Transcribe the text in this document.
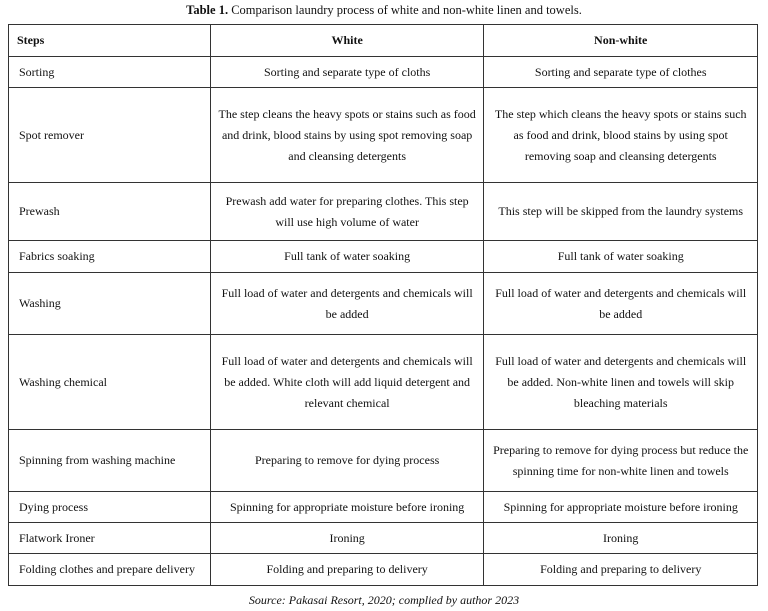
Table 1. Comparison laundry process of white and non-white linen and towels.
Steps	White	Non-white
Sorting	Sorting and separate type of cloths	Sorting and separate type of clothes
Spot remover	The step cleans the heavy spots or stains such as food and drink, blood stains by using spot removing soap and cleansing detergents	The step which cleans the heavy spots or stains such as food and drink, blood stains by using spot removing soap and cleansing detergents
Prewash	Prewash add water for preparing clothes. This step will use high volume of water	This step will be skipped from the laundry systems
Fabrics soaking	Full tank of water soaking	Full tank of water soaking
Washing	Full load of water and detergents and chemicals will be added	Full load of water and detergents and chemicals will be added
Washing chemical	Full load of water and detergents and chemicals will be added. White cloth will add liquid detergent and relevant chemical	Full load of water and detergents and chemicals will be added. Non-white linen and towels will skip bleaching materials
Spinning from washing machine	Preparing to remove for dying process	Preparing to remove for dying process but reduce the spinning time for non-white linen and towels
Dying process	Spinning for appropriate moisture before ironing	Spinning for appropriate moisture before ironing
Flatwork Ironer	Ironing	Ironing
Folding clothes and prepare delivery	Folding and preparing to delivery	Folding and preparing to delivery
Source: Pakasai Resort, 2020; complied by author 2023
